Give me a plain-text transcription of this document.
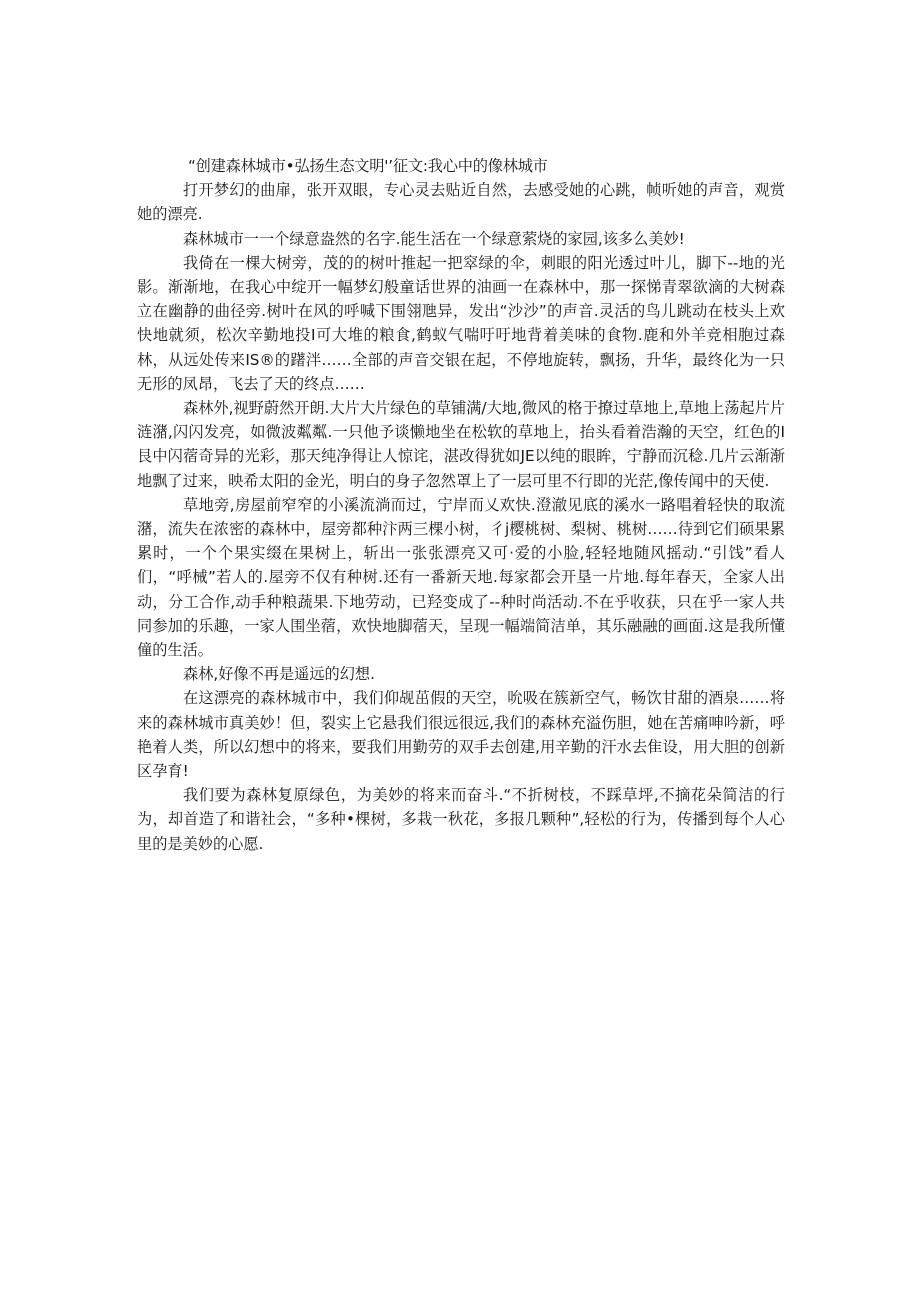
“创建森林城市•弘扬生态文明'’征文:我心中的像林城市

打开梦幻的曲扉，张开双眼，专心灵去贴近自然，去感受她的心跳，帧听她的声音，观赏她的漂亮.

森林城市一一个绿意盎然的名字.能生活在一个绿意萦烧的家园,该多么美妙!

我倚在一棵大树旁，茂的的树叶推起一把窣绿的伞，刺眼的阳光透过叶儿，脚下--地的光影。渐渐地，在我心中绽开一幅梦幻般童话世界的油画一在森林中，那一探悌青翠欲滴的大树森立在幽静的曲径旁.树叶在风的呼喊下围翎虺异，发出“沙沙”的声音.灵活的鸟儿跳动在枝头上欢快地就须，松次辛勤地投I可大堆的粮食,鹤蚁气喘吁吁地背着美味的食物.鹿和外羊竞相胞过森林，从远处传来IS®的躇泮……全部的声音交银在起，不停地旋转，飘扬，升华，最终化为一只无形的凤昂，飞去了天的终点……

森林外,视野蔚然开朗.大片大片绿色的草铺满/大地,微风的格于撩过草地上,草地上荡起片片涟潴,闪闪发亮，如微波粼粼.一只他予谈懒地坐在松软的草地上，抬头看着浩瀚的天空，红色的I艮中闪蓿奇异的光彩，那天纯净得让人惊诧，湛改得犹如JE以纯的眼眸，宁静而沉稔.几片云渐渐地飘了过来，映希太阳的金光，明白的身子忽然罩上了一层可里不行即的光茫,像传闻中的天使.

草地旁,房屋前窄窄的小溪流淌而过，宁岸而乂欢快.澄澈见底的溪水一路唱着轻快的取流潴，流失在浓密的森林中，屋旁都种汴两三棵小树，彳j樱桃树、梨树、桃树……待到它们硕果累累时，一个个果实缀在果树上，斩出一张张漂亮又可·爱的小脸,轻轻地随风摇动.“引饯”看人们，“呼械”若人的.屋旁不仅有种树.还有一番新天地.每家都会开垦一片地.每年春天，全家人出动，分工合作,动手种粮蔬果.下地劳动，已羟变成了--种时尚活动.不在乎收获，只在乎一家人共同参加的乐趣，一家人围坐蓿，欢快地脚蓿天，呈现一幅端简洁单，其乐融融的画面.这是我所懂僮的生活。

森林,好像不再是遥远的幻想.

在这漂亮的森林城市中，我们仰觇茁假的天空，吮吸在簇新空气，畅饮甘甜的酒泉……将来的森林城市真美妙！但，裂实上它悬我们很远很远,我们的森林充溢伤胆，她在苦痛呻吟新，呼艳着人类，所以幻想中的将来，要我们用勤劳的双手去创建,用辛勤的汗水去隹设，用大胆的创新区孕育!

我们要为森林复原绿色，为美妙的将来而奋斗.“不折树枝，不踩草坪,不摘花朵简洁的行为，却首造了和谐社会，“多种•棵树，多栽一秋花，多报几颗种”,轻松的行为，传播到每个人心里的是美妙的心愿.
